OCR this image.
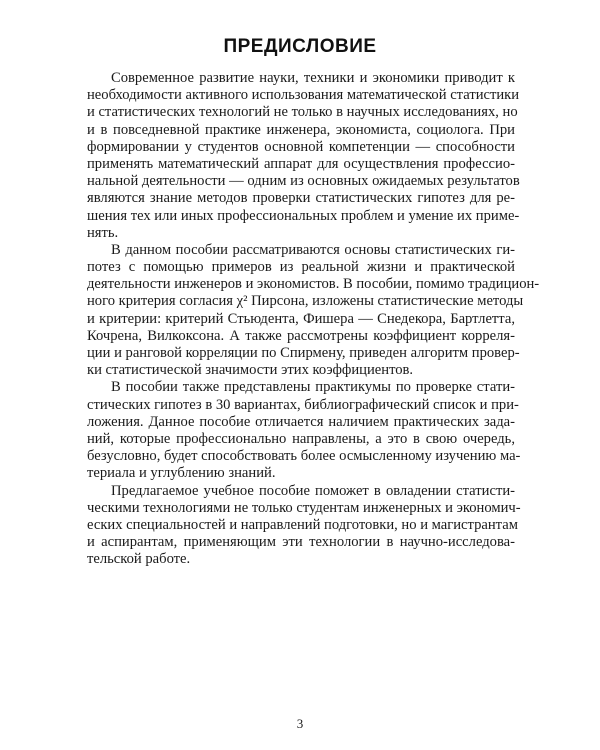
ПРЕДИСЛОВИЕ
Современное развитие науки, техники и экономики приводит к
необходимости активного использования математической статистики
и статистических технологий не только в научных исследованиях, но
и в повседневной практике инженера, экономиста, социолога. При
формировании у студентов основной компетенции — способности
применять математический аппарат для осуществления профессио-
нальной деятельности — одним из основных ожидаемых результатов
являются знание методов проверки статистических гипотез для ре-
шения тех или иных профессиональных проблем и умение их приме-
нять.
В данном пособии рассматриваются основы статистических ги-
потез с помощью примеров из реальной жизни и практической
деятельности инженеров и экономистов. В пособии, помимо традицион-
ного критерия согласия χ² Пирсона, изложены статистические методы
и критерии: критерий Стьюдента, Фишера — Снедекора, Бартлетта,
Кочрена, Вилкоксона. А также рассмотрены коэффициент корреля-
ции и ранговой корреляции по Спирмену, приведен алгоритм провер-
ки статистической значимости этих коэффициентов.
В пособии также представлены практикумы по проверке стати-
стических гипотез в 30 вариантах, библиографический список и при-
ложения. Данное пособие отличается наличием практических зада-
ний, которые профессионально направлены, а это в свою очередь,
безусловно, будет способствовать более осмысленному изучению ма-
териала и углублению знаний.
Предлагаемое учебное пособие поможет в овладении статисти-
ческими технологиями не только студентам инженерных и экономич-
еских специальностей и направлений подготовки, но и магистрантам
и аспирантам, применяющим эти технологии в научно-исследова-
тельской работе.
3
